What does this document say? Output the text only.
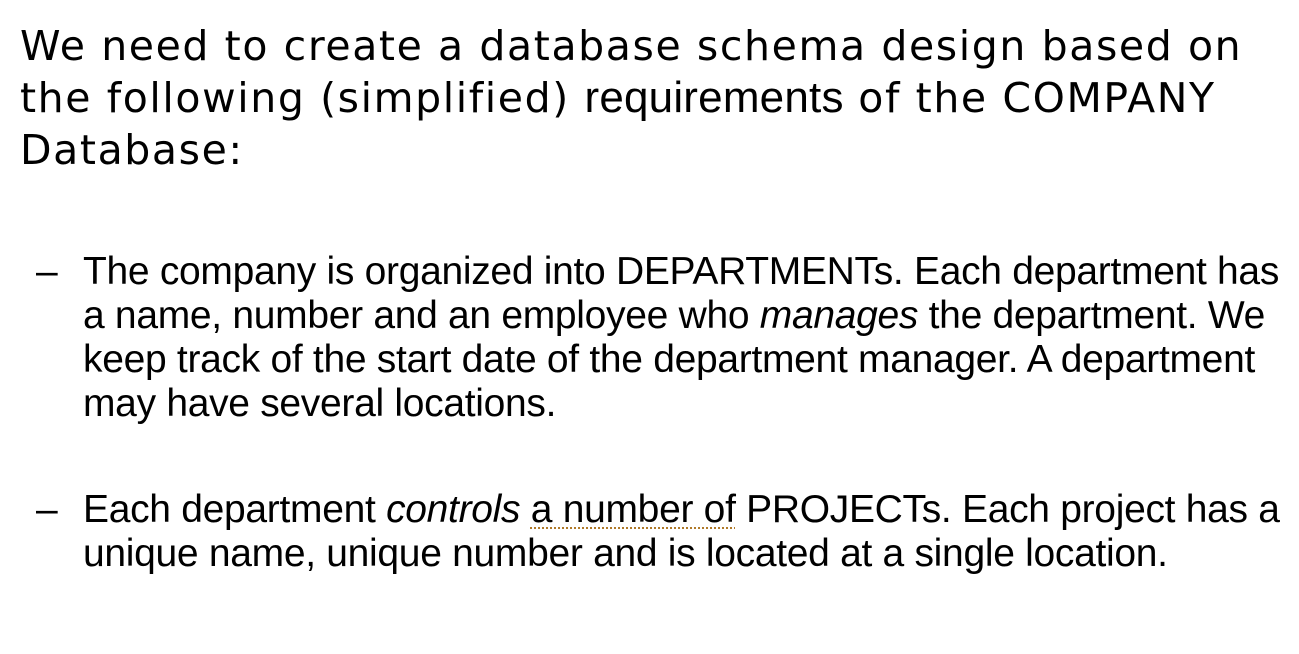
We need to create a database schema design based on the following (simplified) requirements of the COMPANY Database:

– The company is organized into DEPARTMENTs. Each department has a name, number and an employee who manages the department. We keep track of the start date of the department manager. A department may have several locations.
– Each department controls a number of PROJECTs. Each project has a unique name, unique number and is located at a single location.
